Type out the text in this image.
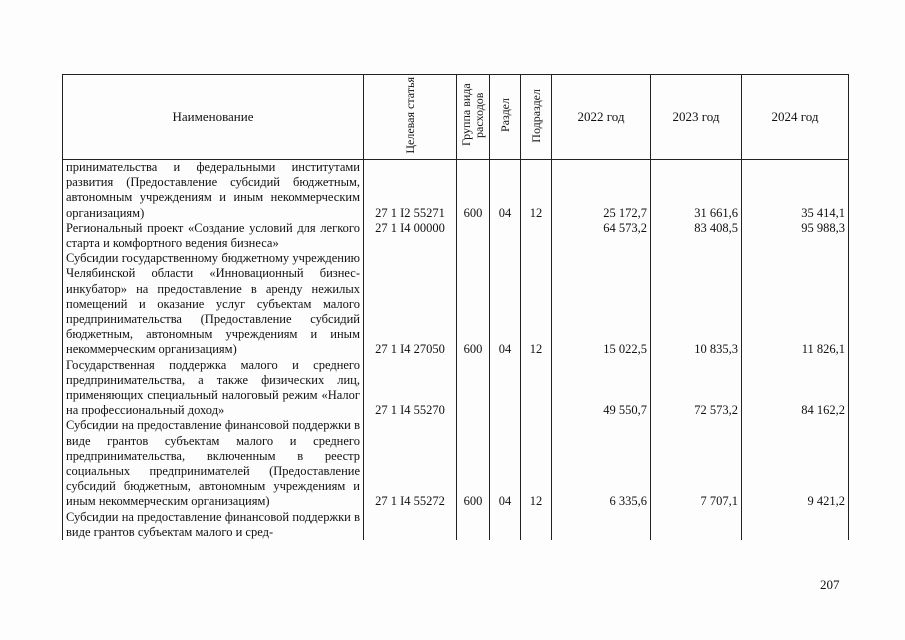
Наименование	Целевая статья	Группа вида расходов	Раздел	Подраздел	2022 год	2023 год	2024 год
принимательства и федеральными институтами развития (Предоставление субсидий бюджетным, автономным учреждениям и иным некоммерческим организациям)	27 1 I2 55271	600	04	12	25 172,7	31 661,6	35 414,1
Региональный проект «Создание условий для легкого старта и комфортного ведения бизнеса»	27 1 I4 00000				64 573,2	83 408,5	95 988,3
Субсидии государственному бюджетному учреждению Челябинской области «Инновационный бизнес-инкубатор» на предоставление в аренду нежилых помещений и оказание услуг субъектам малого предпринимательства (Предоставление субсидий бюджетным, автономным учреждениям и иным некоммерческим организациям)	27 1 I4 27050	600	04	12	15 022,5	10 835,3	11 826,1
Государственная поддержка малого и среднего предпринимательства, а также физических лиц, применяющих специальный налоговый режим «Налог на профессиональный доход»	27 1 I4 55270				49 550,7	72 573,2	84 162,2
Субсидии на предоставление финансовой поддержки в виде грантов субъектам малого и среднего предпринимательства, включенным в реестр социальных предпринимателей (Предоставление субсидий бюджетным, автономным учреждениям и иным некоммерческим организациям)	27 1 I4 55272	600	04	12	6 335,6	7 707,1	9 421,2
Субсидии на предоставление финансовой поддержки в виде грантов субъектам малого и сред-							
207
